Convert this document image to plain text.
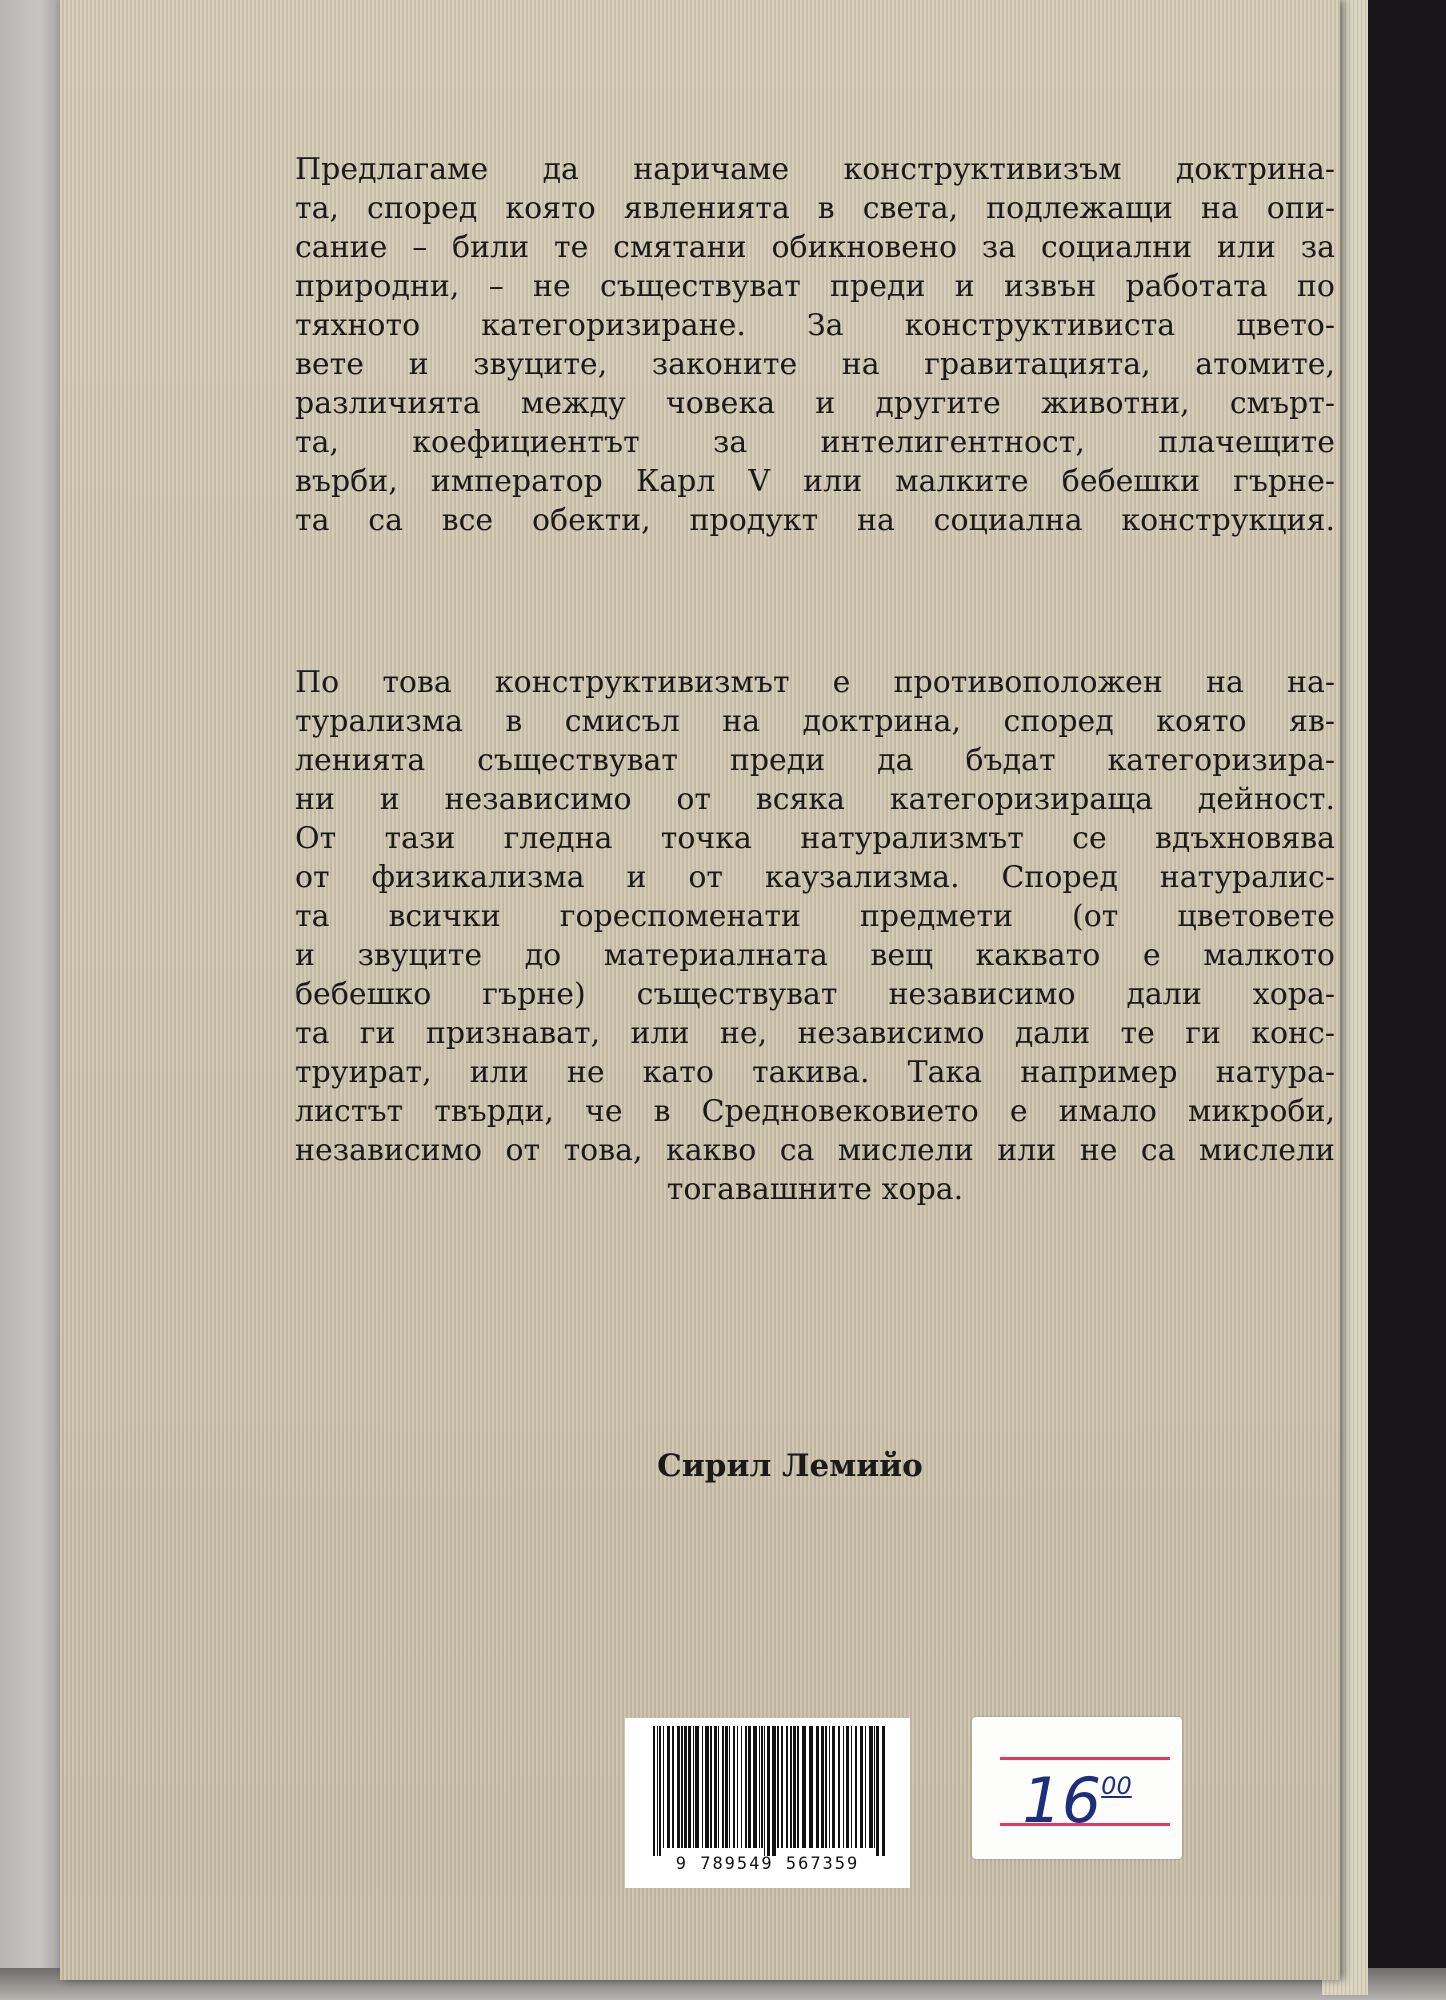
Предлагаме да наричаме конструктивизъм доктрина-
та, според която явленията в света, подлежащи на опи-
сание – били те смятани обикновено за социални или за
природни, – не съществуват преди и извън работата по
тяхното категоризиране. За конструктивиста цвето-
вете и звуците, законите на гравитацията, атомите,
различията между човека и другите животни, смърт-
та, коефициентът за интелигентност, плачещите
върби, император Карл V или малките бебешки гърне-
та са все обекти, продукт на социална конструкция.
По това конструктивизмът е противоположен на на-
турализма в смисъл на доктрина, според която яв-
ленията съществуват преди да бъдат категоризира-
ни и независимо от всяка категоризираща дейност.
От тази гледна точка натурализмът се вдъхновява
от физикализма и от каузализма. Според натуралис-
та всички гореспоменати предмети (от цветовете
и звуците до материалната вещ каквато е малкото
бебешко гърне) съществуват независимо дали хора-
та ги признават, или не, независимо дали те ги конс-
труират, или не като такива. Така например натура-
листът твърди, че в Средновековието е имало микроби,
независимо от това, какво са мислели или не са мислели
тогавашните хора.
Сирил Лемийо
9 789549 567359
$16^{00}$
